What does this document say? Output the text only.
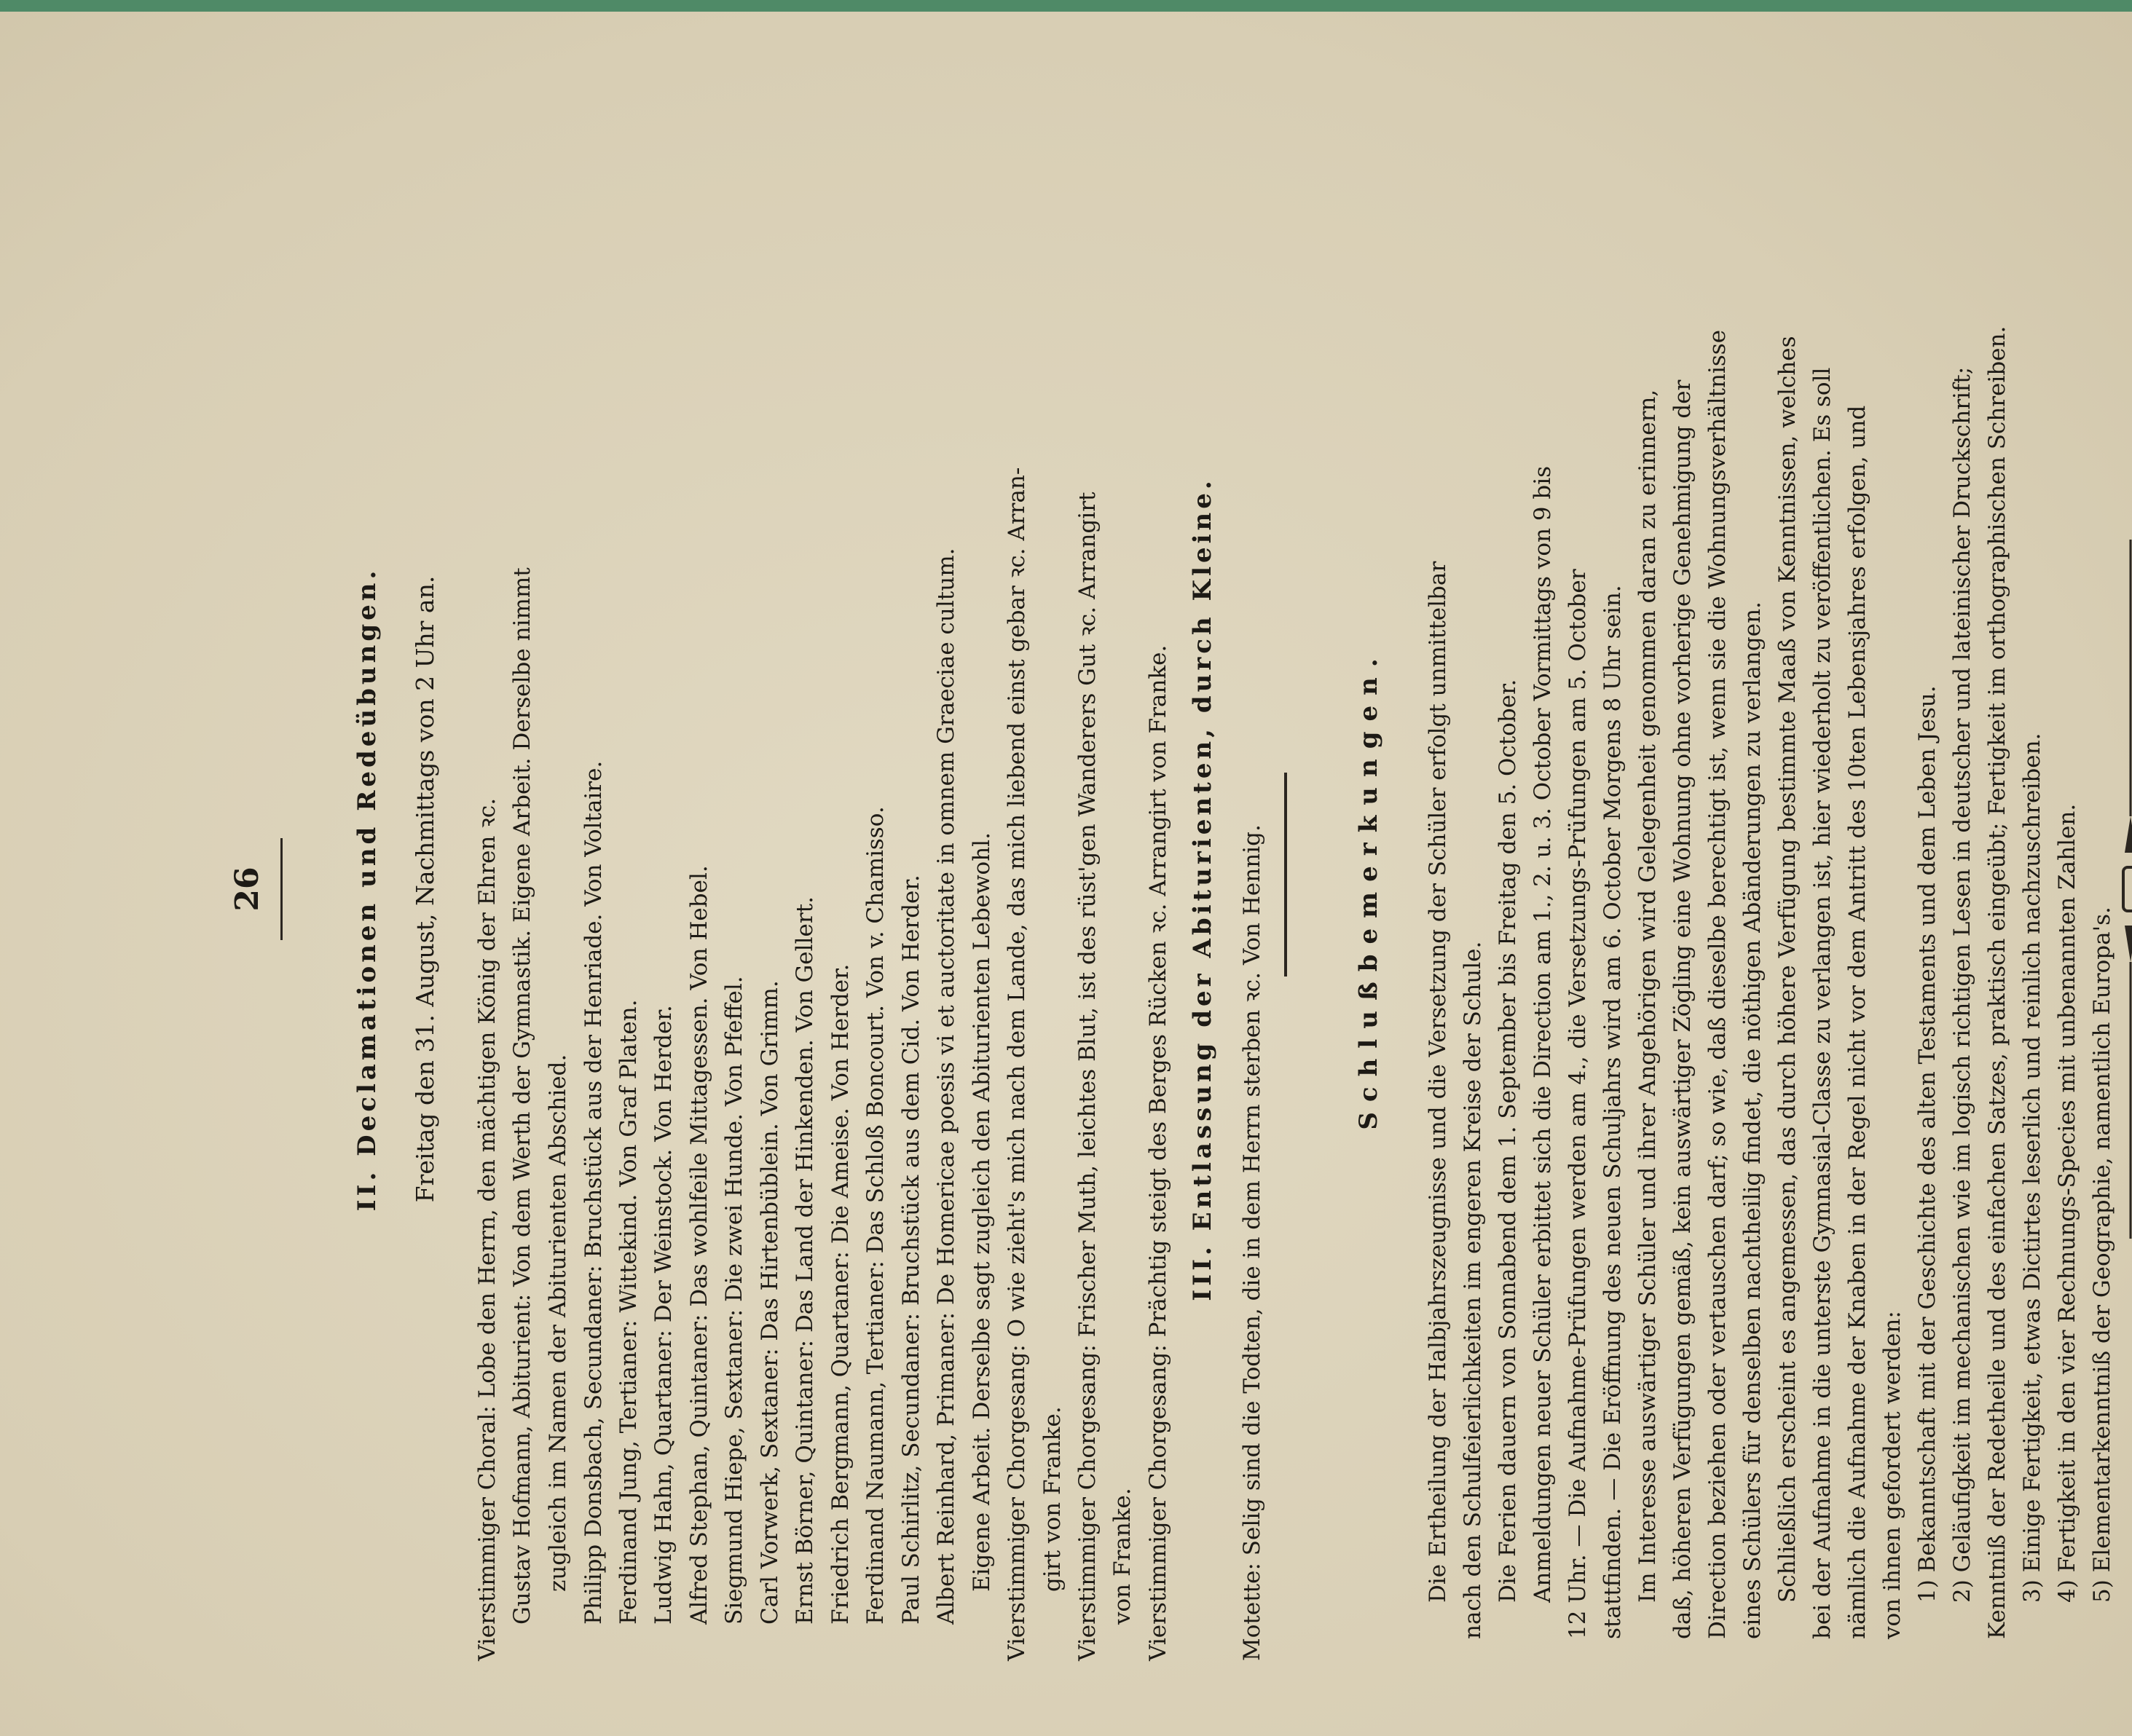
26	II. Declamationen und Redeübungen. Freitag den 31. August, Nachmittags von 2 Uhr an. Vierstimmiger Choral: Lobe den Herrn, den mächtigen König der Ehren ꝛc. Gustav Hofmann, Abiturient: Von dem Werth der Gymnastik. Eigene Arbeit. Derselbe nimmt zugleich im Namen der Abiturienten Abschied. Philipp Donsbach, Secundaner: Bruchstück aus der Henriade. Von Voltaire. Ferdinand Jung, Tertianer: Wittekind. Von Graf Platen. Ludwig Hahn, Quartaner: Der Weinstock. Von Herder. Alfred Stephan, Quintaner: Das wohlfeile Mittagessen. Von Hebel. Siegmund Hiepe, Sextaner: Die zwei Hunde. Von Pfeffel. Carl Vorwerk, Sextaner: Das Hirtenbüblein. Von Grimm. Ernst Börner, Quintaner: Das Land der Hinkenden. Von Gellert. Friedrich Bergmann, Quartaner: Die Ameise. Von Herder. Ferdinand Naumann, Tertianer: Das Schloß Boncourt. Von v. Chamisso. Paul Schirlitz, Secundaner: Bruchstück aus dem Cid. Von Herder. Albert Reinhard, Primaner: De Homericae poesis vi et auctoritate in omnem Graeciae cultum. Eigene Arbeit. Derselbe sagt zugleich den Abiturienten Lebewohl. Vierstimmiger Chorgesang: O wie zieht's mich nach dem Lande, das mich liebend einst gebar ꝛc. Arran- girt von Franke. Vierstimmiger Chorgesang: Frischer Muth, leichtes Blut, ist des rüst'gen Wanderers Gut ꝛc. Arrangirt von Franke. Vierstimmiger Chorgesang: Prächtig steigt des Berges Rücken ꝛc. Arrangirt von Franke. III. Entlassung der Abiturienten, durch Kleine. Motette: Selig sind die Todten, die in dem Herrn sterben ꝛc. Von Hennig.	Schlußbemerkungen. Die Ertheilung der Halbjahrszeugnisse und die Versetzung der Schüler erfolgt unmittelbar nach den Schulfeierlichkeiten im engeren Kreise der Schule. Die Ferien dauern von Sonnabend dem 1. September bis Freitag den 5. October. Anmeldungen neuer Schüler erbittet sich die Direction am 1., 2. u. 3. October Vormittags von 9 bis 12 Uhr. — Die Aufnahme-Prüfungen werden am 4., die Versetzungs-Prüfungen am 5. October stattfinden. — Die Eröffnung des neuen Schuljahrs wird am 6. October Morgens 8 Uhr sein. Im Interesse auswärtiger Schüler und ihrer Angehörigen wird Gelegenheit genommen daran zu erinnern, daß, höheren Verfügungen gemäß, kein auswärtiger Zögling eine Wohnung ohne vorherige Genehmigung der Direction beziehen oder vertauschen darf; so wie, daß dieselbe berechtigt ist, wenn sie die Wohnungsverhältnisse eines Schülers für denselben nachtheilig findet, die nöthigen Abänderungen zu verlangen. Schließlich erscheint es angemessen, das durch höhere Verfügung bestimmte Maaß von Kenntnissen, welches bei der Aufnahme in die unterste Gymnasial-Classe zu verlangen ist, hier wiederholt zu veröffentlichen. Es soll nämlich die Aufnahme der Knaben in der Regel nicht vor dem Antritt des 10ten Lebensjahres erfolgen, und von ihnen gefordert werden: 1) Bekanntschaft mit der Geschichte des alten Testaments und dem Leben Jesu. 2) Geläufigkeit im mechanischen wie im logisch richtigen Lesen in deutscher und lateinischer Druckschrift; Kenntniß der Redetheile und des einfachen Satzes, praktisch eingeübt; Fertigkeit im orthographischen Schreiben. 3) Einige Fertigkeit, etwas Dictirtes leserlich und reinlich nachzuschreiben. 4) Fertigkeit in den vier Rechnungs-Species mit unbenannten Zahlen. 5) Elementarkenntniß der Geographie, namentlich Europa's.
